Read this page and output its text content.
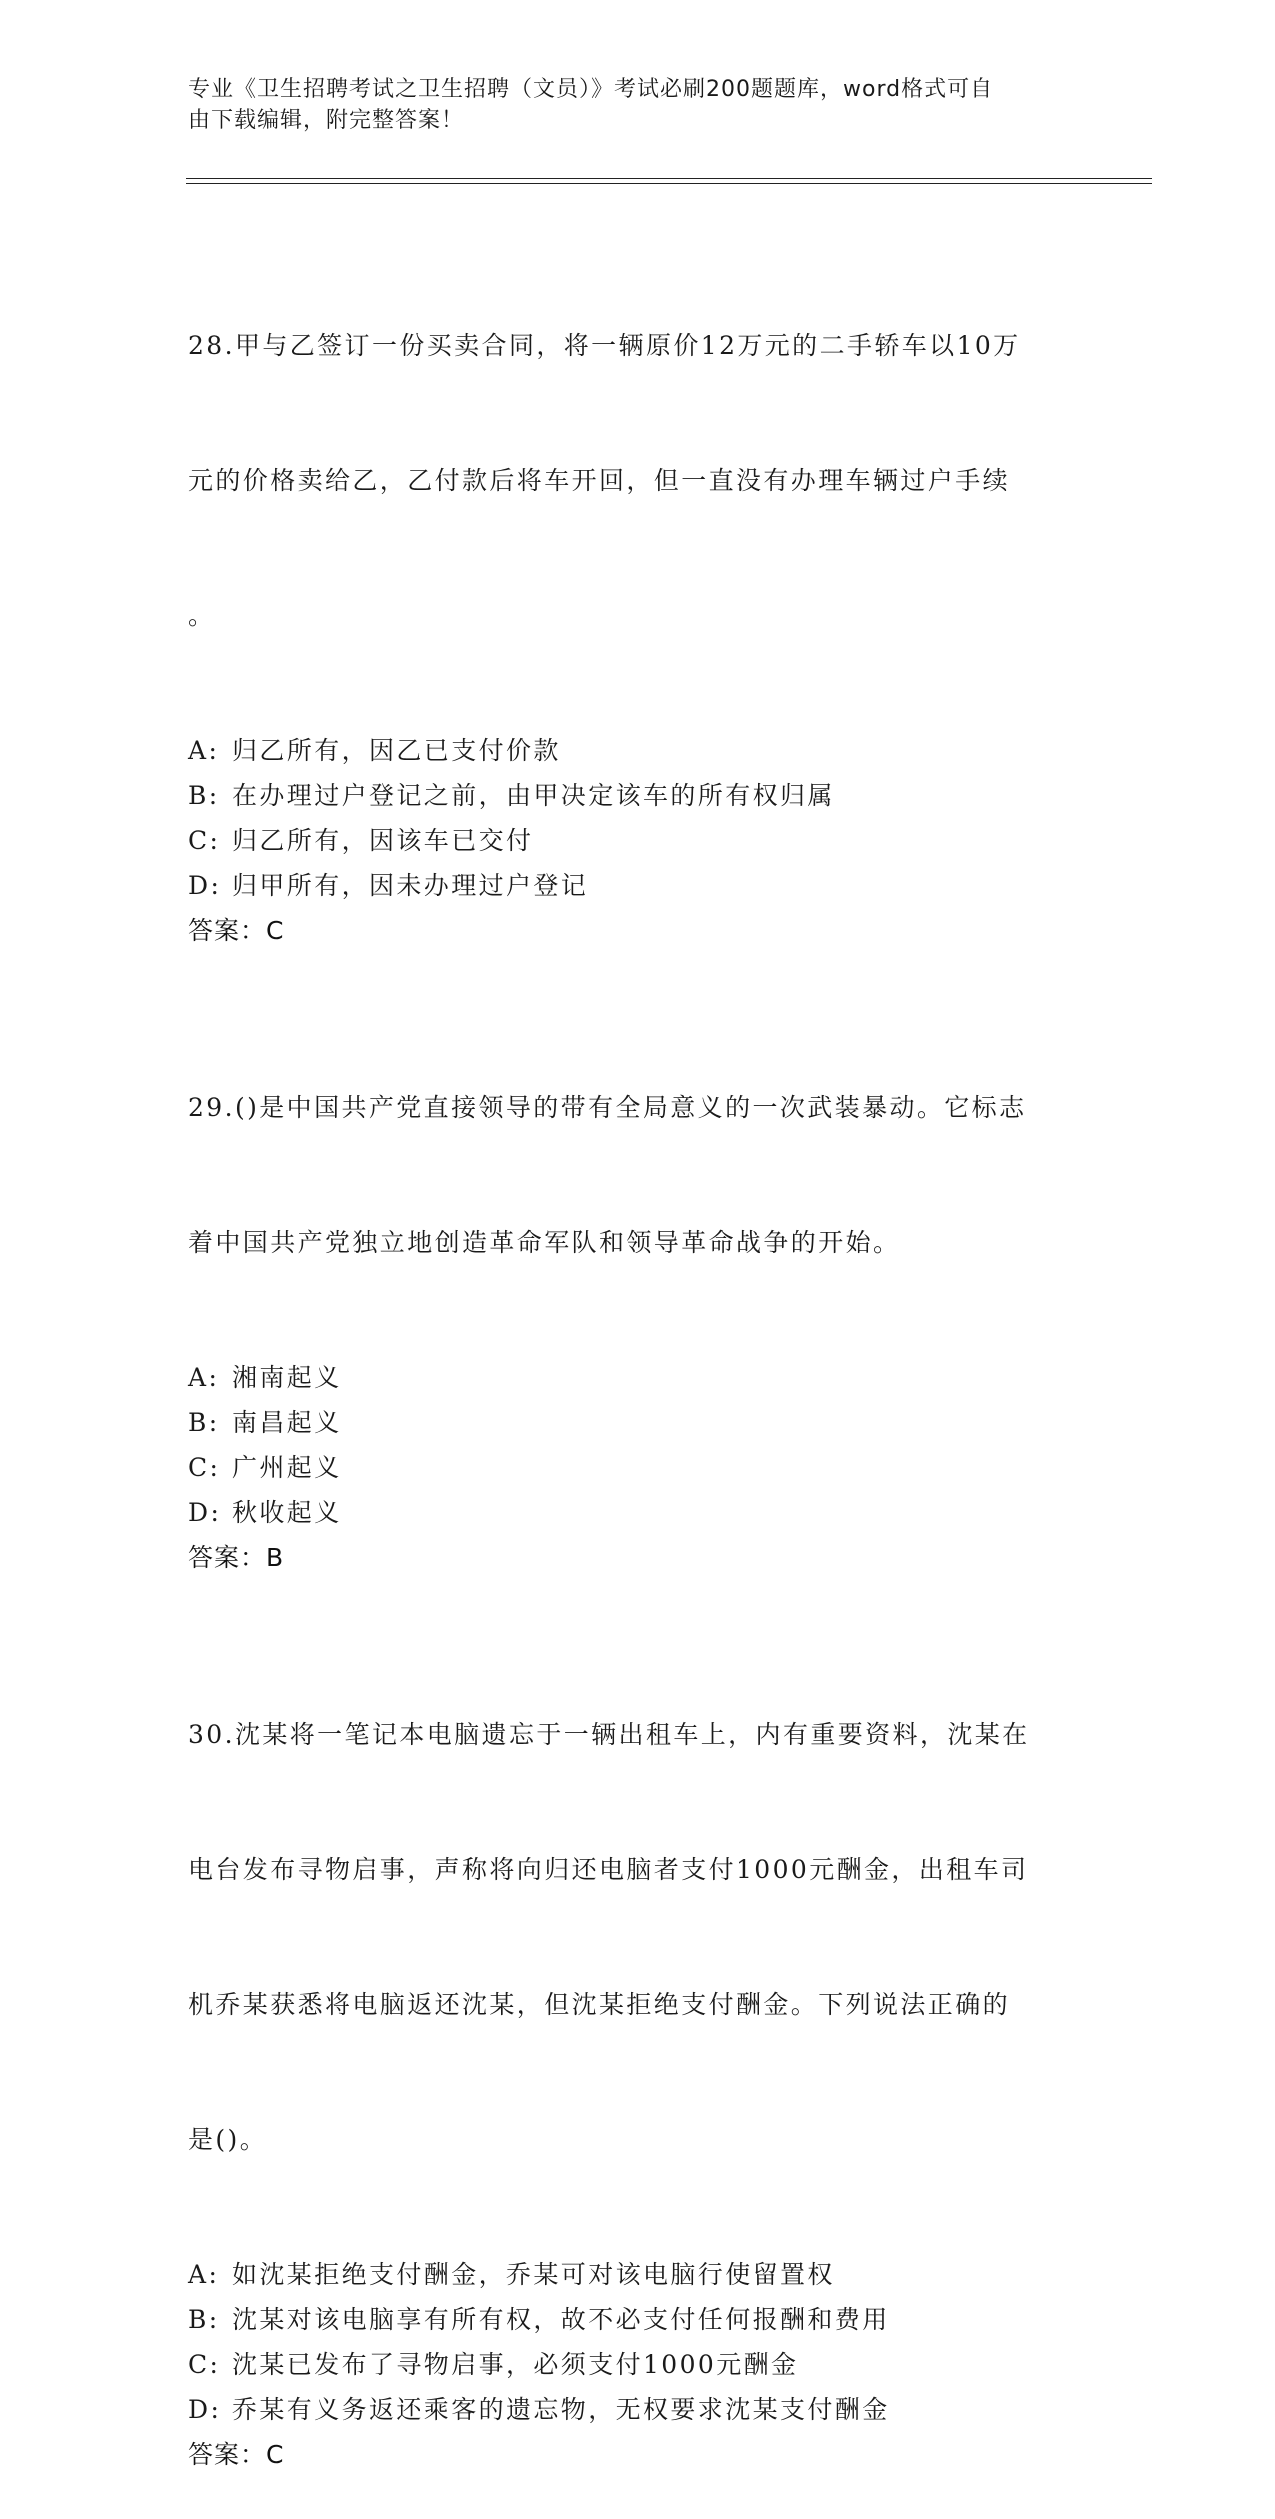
专业《卫生招聘考试之卫生招聘（文员）》考试必刷200题题库，word格式可自
由下载编辑，附完整答案！

28.甲与乙签订一份买卖合同，将一辆原价12万元的二手轿车以10万

元的价格卖给乙，乙付款后将车开回，但一直没有办理车辆过户手续

。

A: 归乙所有，因乙已支付价款
B: 在办理过户登记之前，由甲决定该车的所有权归属
C: 归乙所有，因该车已交付
D: 归甲所有，因未办理过户登记
答案：C

29.()是中国共产党直接领导的带有全局意义的一次武装暴动。它标志

着中国共产党独立地创造革命军队和领导革命战争的开始。

A: 湘南起义
B: 南昌起义
C: 广州起义
D: 秋收起义
答案：B

30.沈某将一笔记本电脑遗忘于一辆出租车上，内有重要资料，沈某在

电台发布寻物启事，声称将向归还电脑者支付1000元酬金，出租车司

机乔某获悉将电脑返还沈某，但沈某拒绝支付酬金。下列说法正确的

是()。

A: 如沈某拒绝支付酬金，乔某可对该电脑行使留置权
B: 沈某对该电脑享有所有权，故不必支付任何报酬和费用
C: 沈某已发布了寻物启事，必须支付1000元酬金
D: 乔某有义务返还乘客的遗忘物，无权要求沈某支付酬金
答案：C
